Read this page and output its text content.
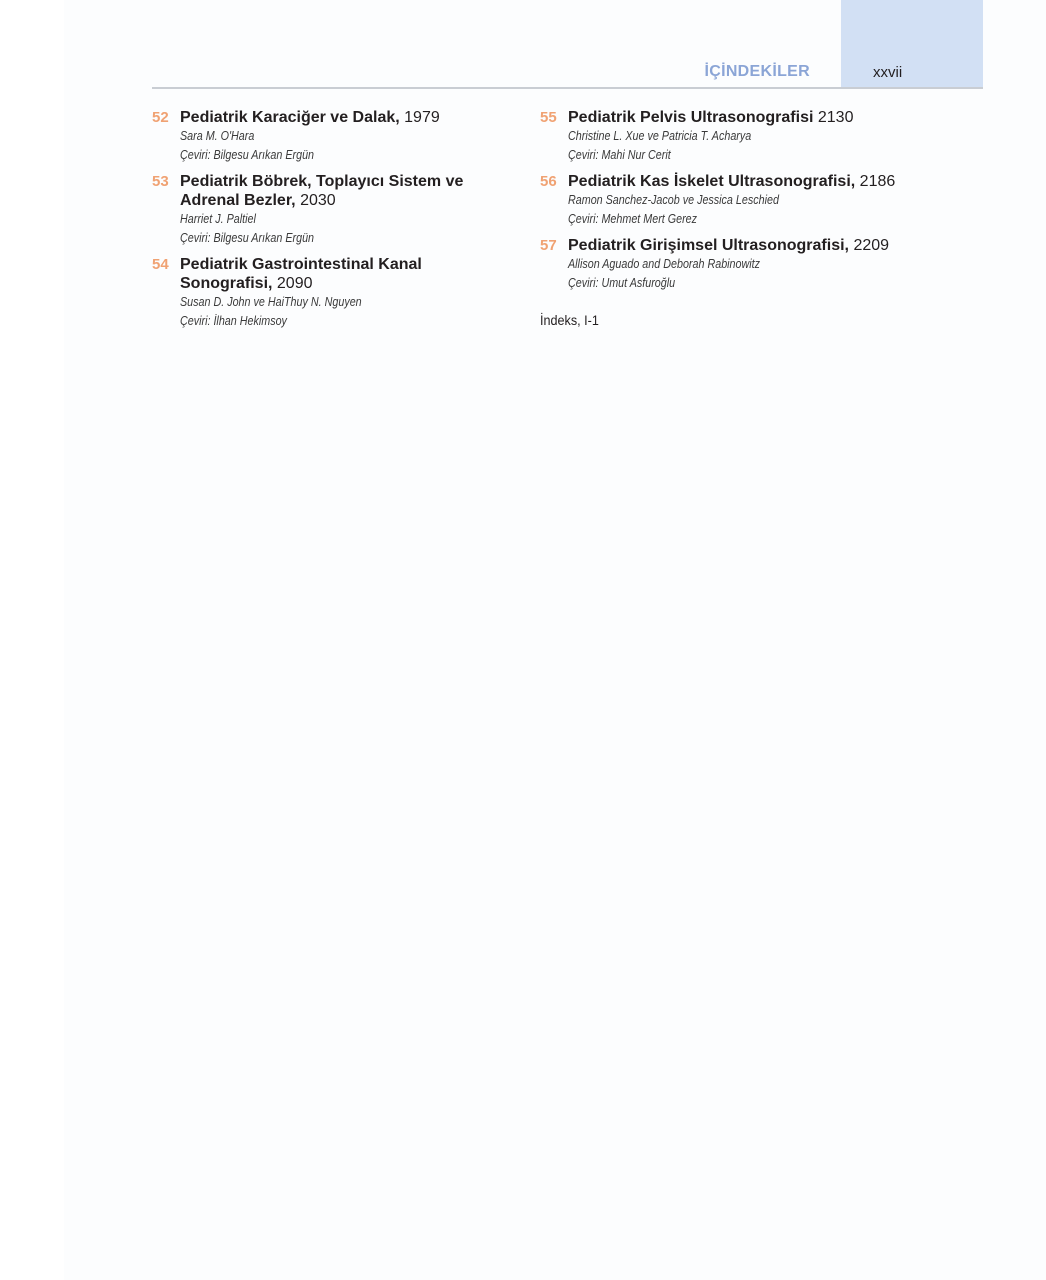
İÇİNDEKİLER	xxvii
52 Pediatrik Karaciğer ve Dalak, 1979
Sara M. O'Hara
Çeviri: Bilgesu Arıkan Ergün
53 Pediatrik Böbrek, Toplayıcı Sistem ve
Adrenal Bezler, 2030
Harriet J. Paltiel
Çeviri: Bilgesu Arıkan Ergün
54 Pediatrik Gastrointestinal Kanal
Sonografisi, 2090
Susan D. John ve HaiThuy N. Nguyen
Çeviri: İlhan Hekimsoy
55 Pediatrik Pelvis Ultrasonografisi 2130
Christine L. Xue ve Patricia T. Acharya
Çeviri: Mahi Nur Cerit
56 Pediatrik Kas İskelet Ultrasonografisi, 2186
Ramon Sanchez-Jacob ve Jessica Leschied
Çeviri: Mehmet Mert Gerez
57 Pediatrik Girişimsel Ultrasonografisi, 2209
Allison Aguado and Deborah Rabinowitz
Çeviri: Umut Asfuroğlu
İndeks, I-1
